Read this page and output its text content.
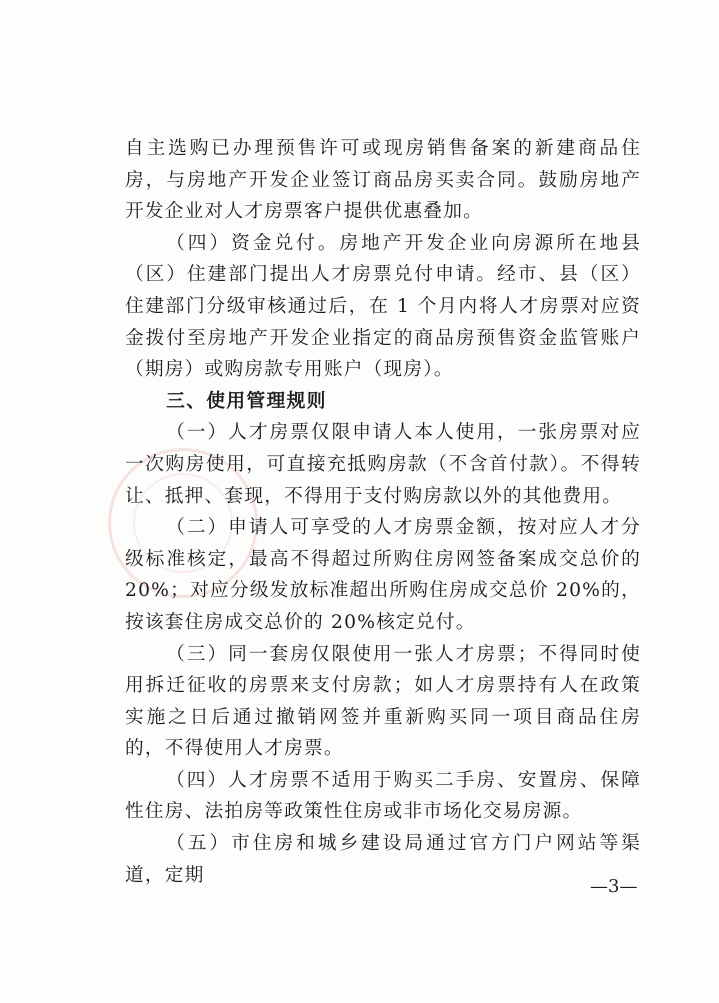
自主选购已办理预售许可或现房销售备案的新建商品住房，与房地产开发企业签订商品房买卖合同。鼓励房地产开发企业对人才房票客户提供优惠叠加。

（四）资金兑付。房地产开发企业向房源所在地县（区）住建部门提出人才房票兑付申请。经市、县（区）住建部门分级审核通过后，在 1 个月内将人才房票对应资金拨付至房地产开发企业指定的商品房预售资金监管账户（期房）或购房款专用账户（现房）。

三、使用管理规则

（一）人才房票仅限申请人本人使用，一张房票对应一次购房使用，可直接充抵购房款（不含首付款）。不得转让、抵押、套现，不得用于支付购房款以外的其他费用。

（二）申请人可享受的人才房票金额，按对应人才分级标准核定，最高不得超过所购住房网签备案成交总价的 20%；对应分级发放标准超出所购住房成交总价 20%的，按该套住房成交总价的 20%核定兑付。

（三）同一套房仅限使用一张人才房票；不得同时使用拆迁征收的房票来支付房款；如人才房票持有人在政策实施之日后通过撤销网签并重新购买同一项目商品住房的，不得使用人才房票。

（四）人才房票不适用于购买二手房、安置房、保障性住房、法拍房等政策性住房或非市场化交易房源。

（五）市住房和城乡建设局通过官方门户网站等渠道，定期

—3—
